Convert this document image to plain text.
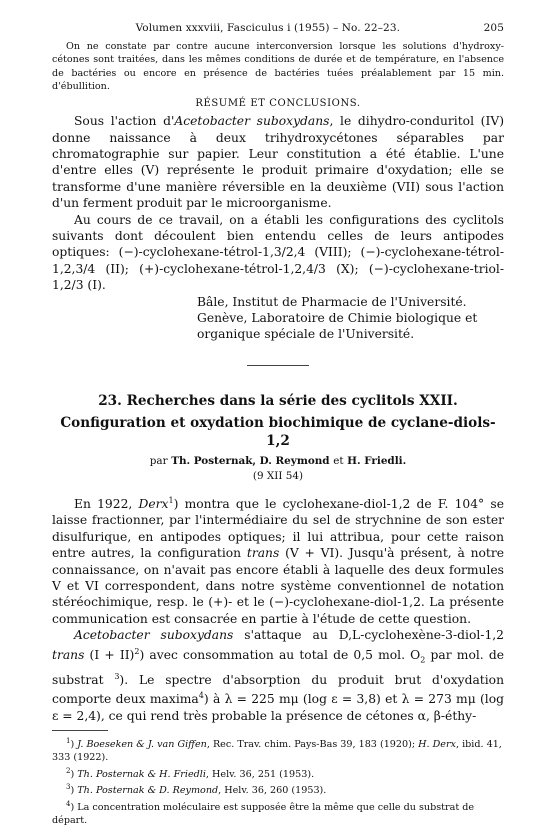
Volumen xxxviii, Fasciculus i (1955) – No. 22–23.	205

On ne constate par contre aucune interconversion lorsque les solutions d'hydroxy-cétones sont traitées, dans les mêmes conditions de durée et de température, en l'absence de bactéries ou encore en présence de bactéries tuées préalablement par 15 min. d'ébullition.

RÉSUMÉ ET CONCLUSIONS.

Sous l'action d'Acetobacter suboxydans, le dihydro-conduritol (IV) donne naissance à deux trihydroxycétones séparables par chromatographie sur papier. Leur constitution a été établie. L'une d'entre elles (V) représente le produit primaire d'oxydation; elle se transforme d'une manière réversible en la deuxième (VII) sous l'action d'un ferment produit par le microorganisme.

Au cours de ce travail, on a établi les configurations des cyclitols suivants dont découlent bien entendu celles de leurs antipodes optiques: (−)-cyclohexane-tétrol-1,3/2,4 (VIII); (−)-cyclohexane-tétrol-1,2,3/4 (II); (+)-cyclohexane-tétrol-1,2,4/3 (X); (−)-cyclohexane-triol-1,2/3 (I).

Bâle, Institut de Pharmacie de l'Université.
Genève, Laboratoire de Chimie biologique et
organique spéciale de l'Université.
23. Recherches dans la série des cyclitols XXII.
Configuration et oxydation biochimique de cyclane-diols-1,2
par Th. Posternak, D. Reymond et H. Friedli.
(9 XII 54)

En 1922, Derx$^1$) montra que le cyclohexane-diol-1,2 de F. 104° se laisse fractionner, par l'intermédiaire du sel de strychnine de son ester disulfurique, en antipodes optiques; il lui attribua, pour cette raison entre autres, la configuration trans (V + VI). Jusqu'à présent, à notre connaissance, on n'avait pas encore établi à laquelle des deux formules V et VI correspondent, dans notre système conventionnel de notation stéréochimique, resp. le (+)- et le (−)-cyclohexane-diol-1,2. La présente communication est consacrée en partie à l'étude de cette question.

Acetobacter suboxydans s'attaque au D,L-cyclohexène-3-diol-1,2 trans (I + II)$^2$) avec consommation au total de 0,5 mol. $O_2$ par mol. de substrat $^3$). Le spectre d'absorption du produit brut d'oxydation comporte deux maxima$^4$) à λ = 225 mμ (log ε = 3,8) et λ = 273 mμ (log ε = 2,4), ce qui rend très probable la présence de cétones α, β-éthy-

$^1$) J. Boeseken & J. van Giffen, Rec. Trav. chim. Pays-Bas 39, 183 (1920); H. Derx, ibid. 41, 333 (1922).

$^2$) Th. Posternak & H. Friedli, Helv. 36, 251 (1953).

$^3$) Th. Posternak & D. Reymond, Helv. 36, 260 (1953).

$^4$) La concentration moléculaire est supposée être la même que celle du substrat de départ.
